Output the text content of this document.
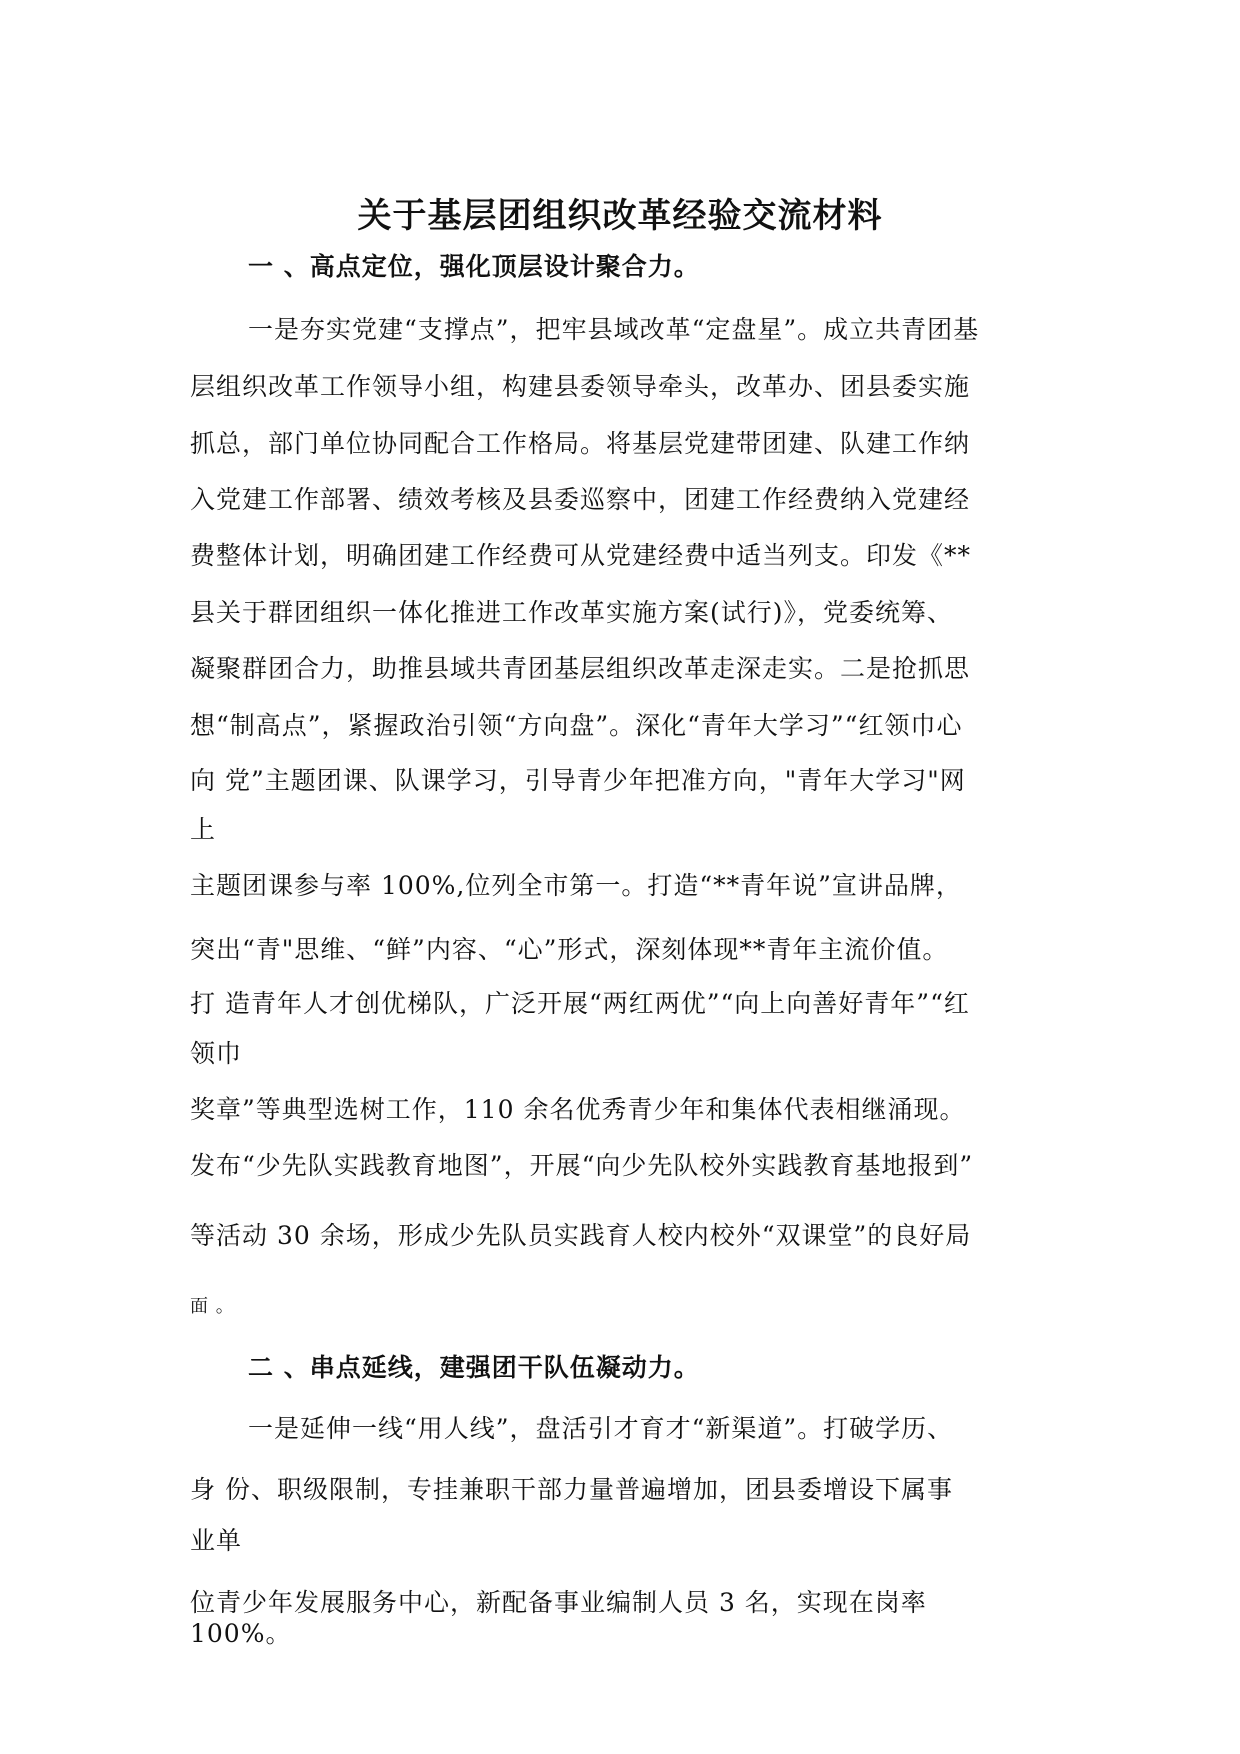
关于基层团组织改革经验交流材料
一 、高点定位，强化顶层设计聚合力。
一是夯实党建“支撑点”，把牢县域改革“定盘星”。成立共青团基
层组织改革工作领导小组，构建县委领导牵头，改革办、团县委实施
抓总，部门单位协同配合工作格局。将基层党建带团建、队建工作纳
入党建工作部署、绩效考核及县委巡察中，团建工作经费纳入党建经
费整体计划，明确团建工作经费可从党建经费中适当列支。印发《**
县关于群团组织一体化推进工作改革实施方案(试行)》，党委统筹、
凝聚群团合力，助推县域共青团基层组织改革走深走实。二是抢抓思
想“制高点”，紧握政治引领“方向盘”。深化“青年大学习”“红领巾心
向 党”主题团课、队课学习，引导青少年把准方向，"青年大学习"网
上
主题团课参与率 100%,位列全市第一。打造“**青年说”宣讲品牌，
突出“青"思维、“鲜”内容、“心”形式，深刻体现**青年主流价值。
打 造青年人才创优梯队，广泛开展“两红两优”“向上向善好青年”“红
领巾
奖章”等典型选树工作，110 余名优秀青少年和集体代表相继涌现。
发布“少先队实践教育地图”，开展“向少先队校外实践教育基地报到”
等活动 30 余场，形成少先队员实践育人校内校外“双课堂”的良好局
面 。
二 、串点延线，建强团干队伍凝动力。
一是延伸一线“用人线”，盘活引才育才“新渠道”。打破学历、
身 份、职级限制，专挂兼职干部力量普遍增加，团县委增设下属事
业单
位青少年发展服务中心，新配备事业编制人员 3 名，实现在岗率
100%。
